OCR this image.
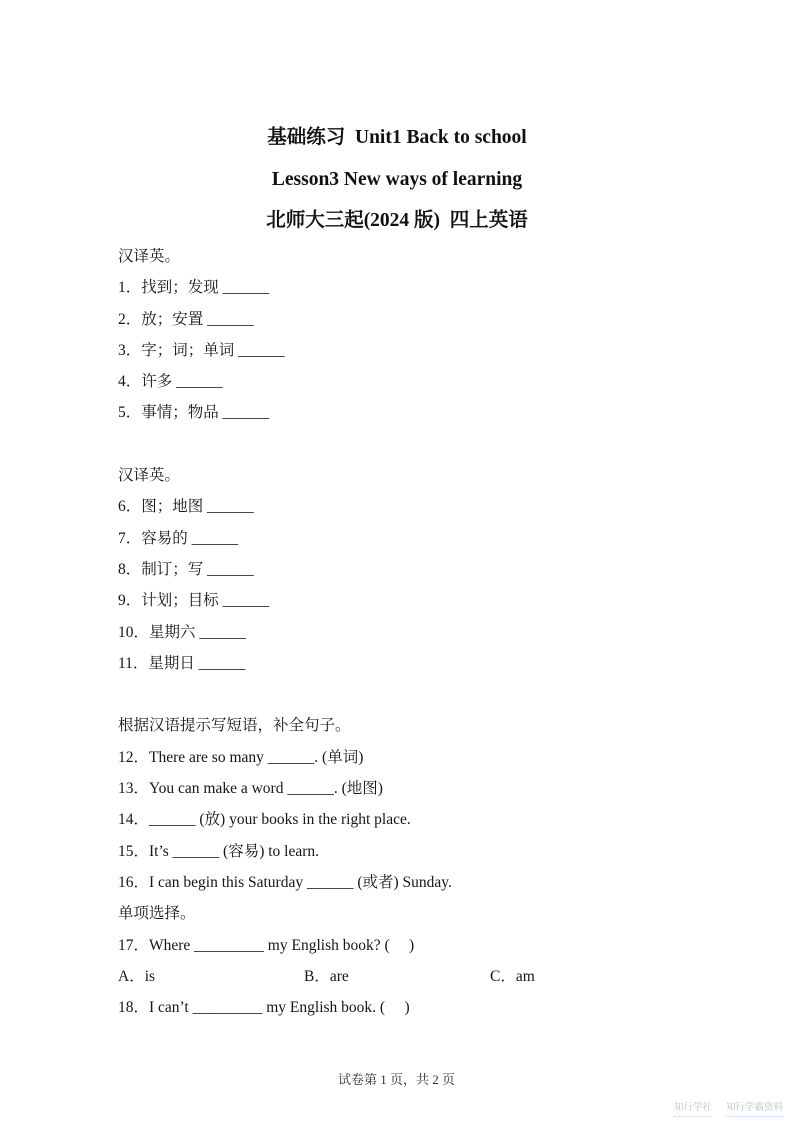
基础练习  Unit1 Back to school
Lesson3 New ways of learning
北师大三起(2024 版)  四上英语

汉译英。

1．找到；发现 ______

2．放；安置 ______

3．字；词；单词 ______

4．许多 ______

5．事情；物品 ______

汉译英。

6．图；地图 ______

7．容易的 ______

8．制订；写 ______

9．计划；目标 ______

10．星期六 ______

11．星期日 ______

根据汉语提示写短语，补全句子。

12．There are so many ______. (单词)

13．You can make a word ______. (地图)

14．______ (放) your books in the right place.

15．It’s ______ (容易) to learn.

16．I can begin this Saturday ______ (或者) Sunday.

单项选择。

17．Where _________ my English book? (　 )

A．is	B．are	C．am

18．I can’t _________ my English book. (　 )

试卷第 1 页，共 2 页
知行学社 知行学霸资料
